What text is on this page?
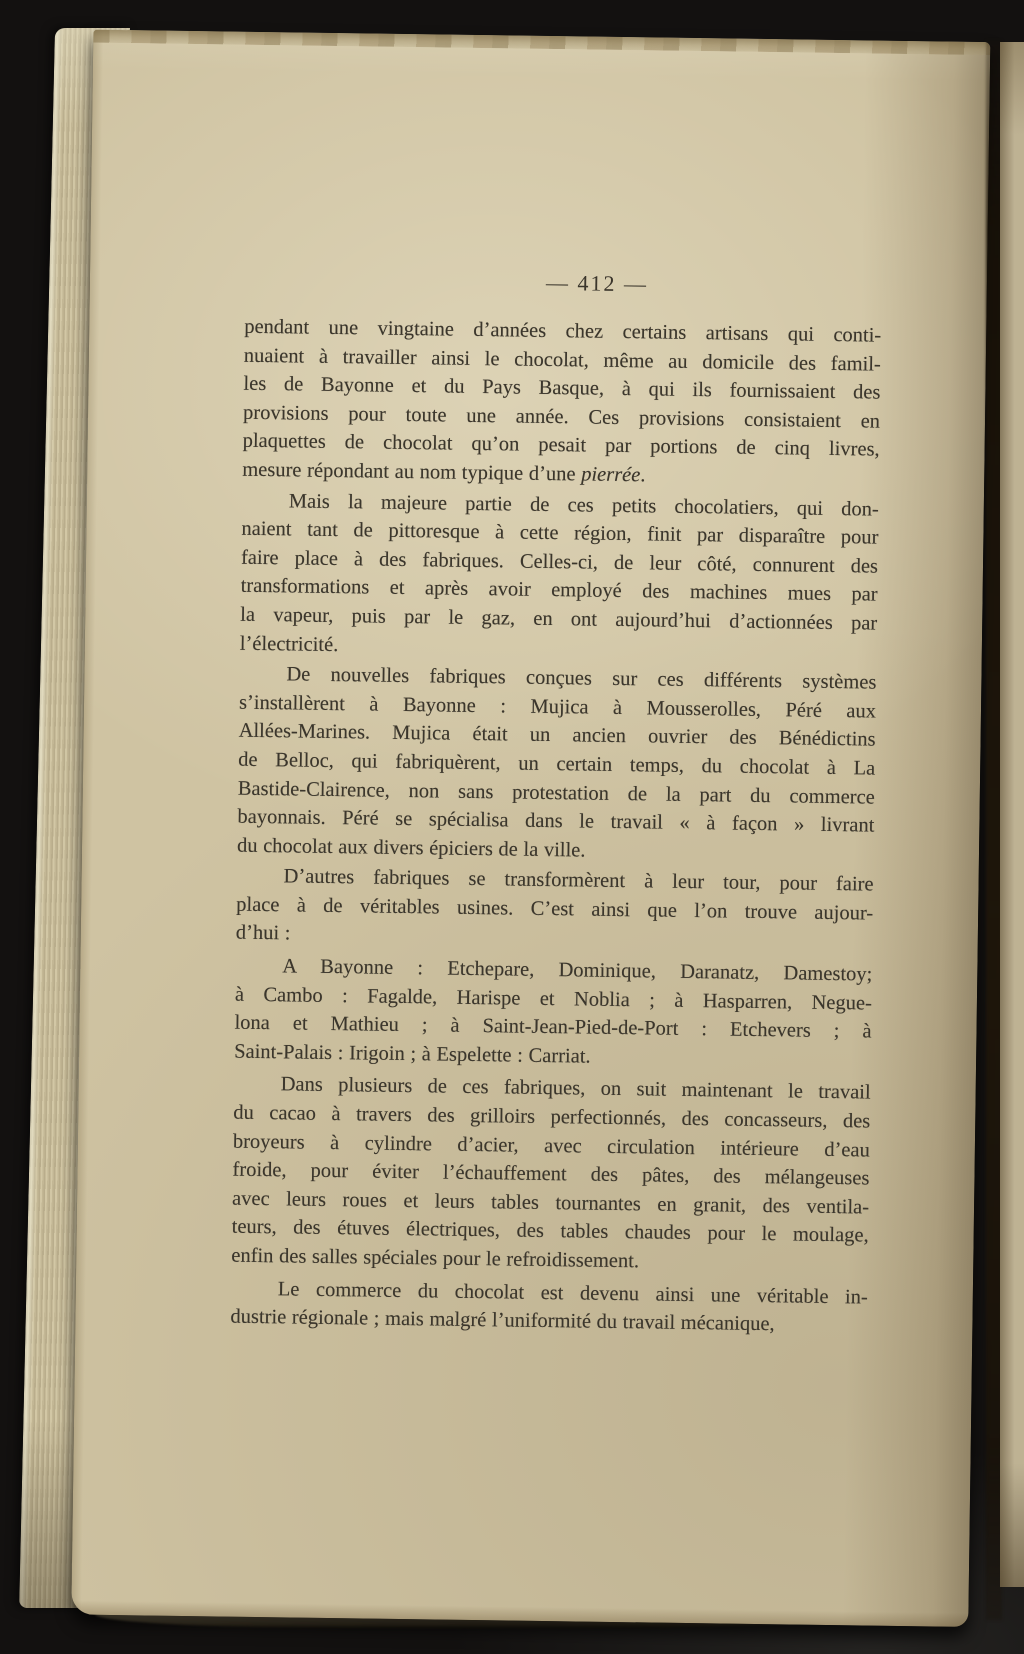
— 412 —
pendant une vingtaine d’années chez certains artisans qui conti-
nuaient à travailler ainsi le chocolat, même au domicile des famil-
les de Bayonne et du Pays Basque, à qui ils fournissaient des
provisions pour toute une année. Ces provisions consistaient en
plaquettes de chocolat qu’on pesait par portions de cinq livres,
mesure répondant au nom typique d’une pierrée.
Mais la majeure partie de ces petits chocolatiers, qui don-
naient tant de pittoresque à cette région, finit par disparaître pour
faire place à des fabriques. Celles-ci, de leur côté, connurent des
transformations et après avoir employé des machines mues par
la vapeur, puis par le gaz, en ont aujourd’hui d’actionnées par
l’électricité.
De nouvelles fabriques conçues sur ces différents systèmes
s’installèrent à Bayonne : Mujica à Mousserolles, Péré aux
Allées-Marines. Mujica était un ancien ouvrier des Bénédictins
de Belloc, qui fabriquèrent, un certain temps, du chocolat à La
Bastide-Clairence, non sans protestation de la part du commerce
bayonnais. Péré se spécialisa dans le travail « à façon » livrant
du chocolat aux divers épiciers de la ville.
D’autres fabriques se transformèrent à leur tour, pour faire
place à de véritables usines. C’est ainsi que l’on trouve aujour-
d’hui :
A Bayonne : Etchepare, Dominique, Daranatz, Damestoy;
à Cambo : Fagalde, Harispe et Noblia ; à Hasparren, Negue-
lona et Mathieu ; à Saint-Jean-Pied-de-Port : Etchevers ; à
Saint-Palais : Irigoin ; à Espelette : Carriat.
Dans plusieurs de ces fabriques, on suit maintenant le travail
du cacao à travers des grilloirs perfectionnés, des concasseurs, des
broyeurs à cylindre d’acier, avec circulation intérieure d’eau
froide, pour éviter l’échauffement des pâtes, des mélangeuses
avec leurs roues et leurs tables tournantes en granit, des ventila-
teurs, des étuves électriques, des tables chaudes pour le moulage,
enfin des salles spéciales pour le refroidissement.
Le commerce du chocolat est devenu ainsi une véritable in-
dustrie régionale ; mais malgré l’uniformité du travail mécanique,
